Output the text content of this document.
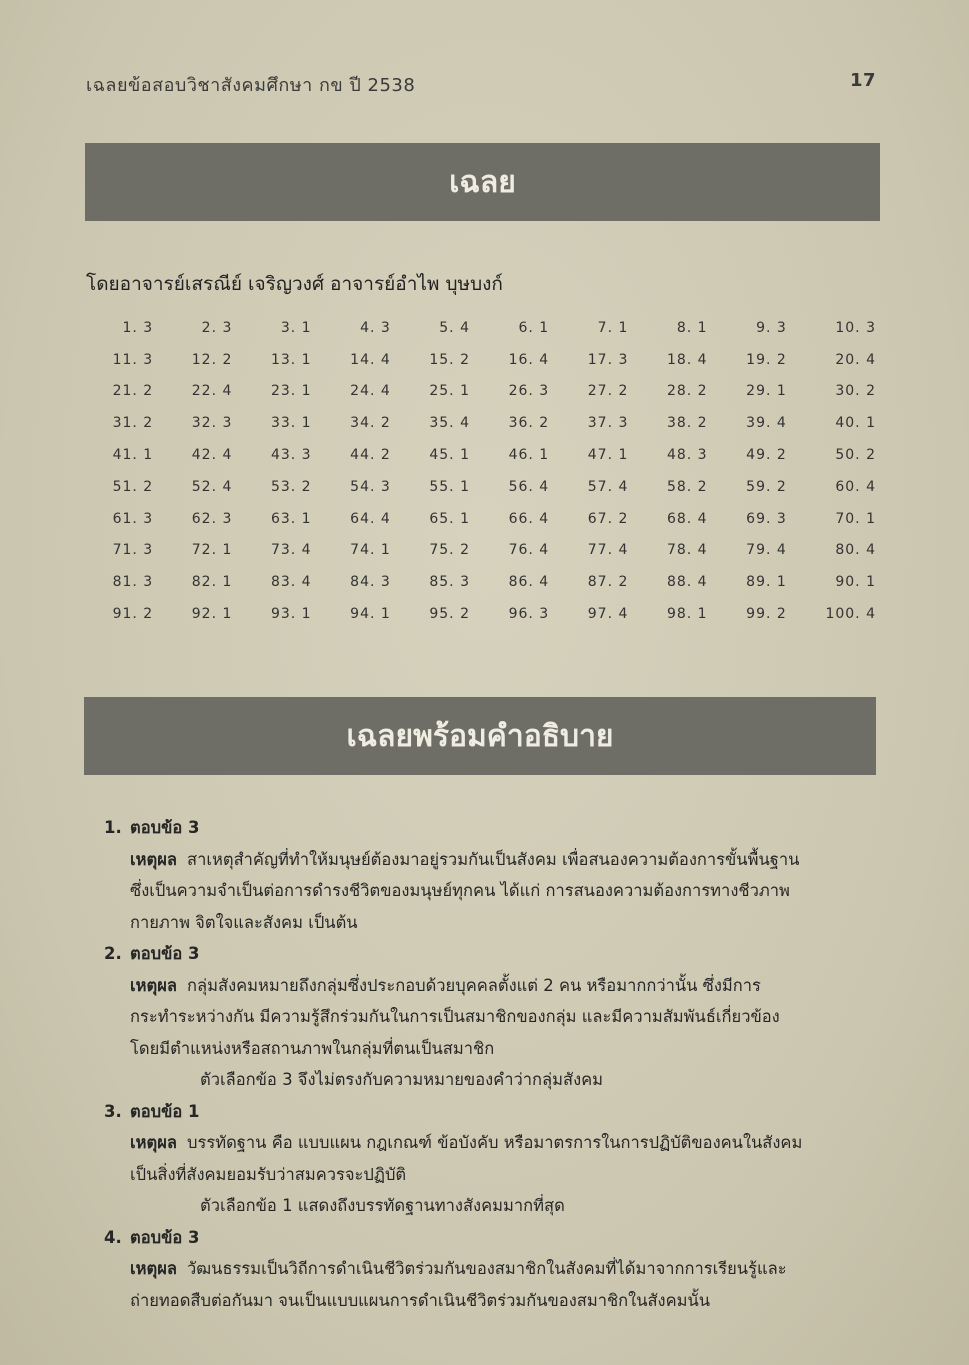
เฉลยข้อสอบวิชาสังคมศึกษา กข ปี 2538	17
เฉลย
โดยอาจารย์เสรณีย์ เจริญวงศ์ อาจารย์อำไพ บุษบงก์
1. 3	2. 3	3. 1	4. 3	5. 4	6. 1	7. 1	8. 1	9. 3	10. 3
11. 3	12. 2	13. 1	14. 4	15. 2	16. 4	17. 3	18. 4	19. 2	20. 4
21. 2	22. 4	23. 1	24. 4	25. 1	26. 3	27. 2	28. 2	29. 1	30. 2
31. 2	32. 3	33. 1	34. 2	35. 4	36. 2	37. 3	38. 2	39. 4	40. 1
41. 1	42. 4	43. 3	44. 2	45. 1	46. 1	47. 1	48. 3	49. 2	50. 2
51. 2	52. 4	53. 2	54. 3	55. 1	56. 4	57. 4	58. 2	59. 2	60. 4
61. 3	62. 3	63. 1	64. 4	65. 1	66. 4	67. 2	68. 4	69. 3	70. 1
71. 3	72. 1	73. 4	74. 1	75. 2	76. 4	77. 4	78. 4	79. 4	80. 4
81. 3	82. 1	83. 4	84. 3	85. 3	86. 4	87. 2	88. 4	89. 1	90. 1
91. 2	92. 1	93. 1	94. 1	95. 2	96. 3	97. 4	98. 1	99. 2	100. 4
เฉลยพร้อมคำอธิบาย
1. ตอบข้อ 3
เหตุผล สาเหตุสำคัญที่ทำให้มนุษย์ต้องมาอยู่รวมกันเป็นสังคม เพื่อสนองความต้องการขั้นพื้นฐาน
ซึ่งเป็นความจำเป็นต่อการดำรงชีวิตของมนุษย์ทุกคน ได้แก่ การสนองความต้องการทางชีวภาพ
กายภาพ จิตใจและสังคม เป็นต้น
2. ตอบข้อ 3
เหตุผล กลุ่มสังคมหมายถึงกลุ่มซึ่งประกอบด้วยบุคคลตั้งแต่ 2 คน หรือมากกว่านั้น ซึ่งมีการ
กระทำระหว่างกัน มีความรู้สึกร่วมกันในการเป็นสมาชิกของกลุ่ม และมีความสัมพันธ์เกี่ยวข้อง
โดยมีตำแหน่งหรือสถานภาพในกลุ่มที่ตนเป็นสมาชิก
ตัวเลือกข้อ 3 จึงไม่ตรงกับความหมายของคำว่ากลุ่มสังคม
3. ตอบข้อ 1
เหตุผล บรรทัดฐาน คือ แบบแผน กฎเกณฑ์ ข้อบังคับ หรือมาตรการในการปฏิบัติของคนในสังคม
เป็นสิ่งที่สังคมยอมรับว่าสมควรจะปฏิบัติ
ตัวเลือกข้อ 1 แสดงถึงบรรทัดฐานทางสังคมมากที่สุด
4. ตอบข้อ 3
เหตุผล วัฒนธรรมเป็นวิถีการดำเนินชีวิตร่วมกันของสมาชิกในสังคมที่ได้มาจากการเรียนรู้และ
ถ่ายทอดสืบต่อกันมา จนเป็นแบบแผนการดำเนินชีวิตร่วมกันของสมาชิกในสังคมนั้น
